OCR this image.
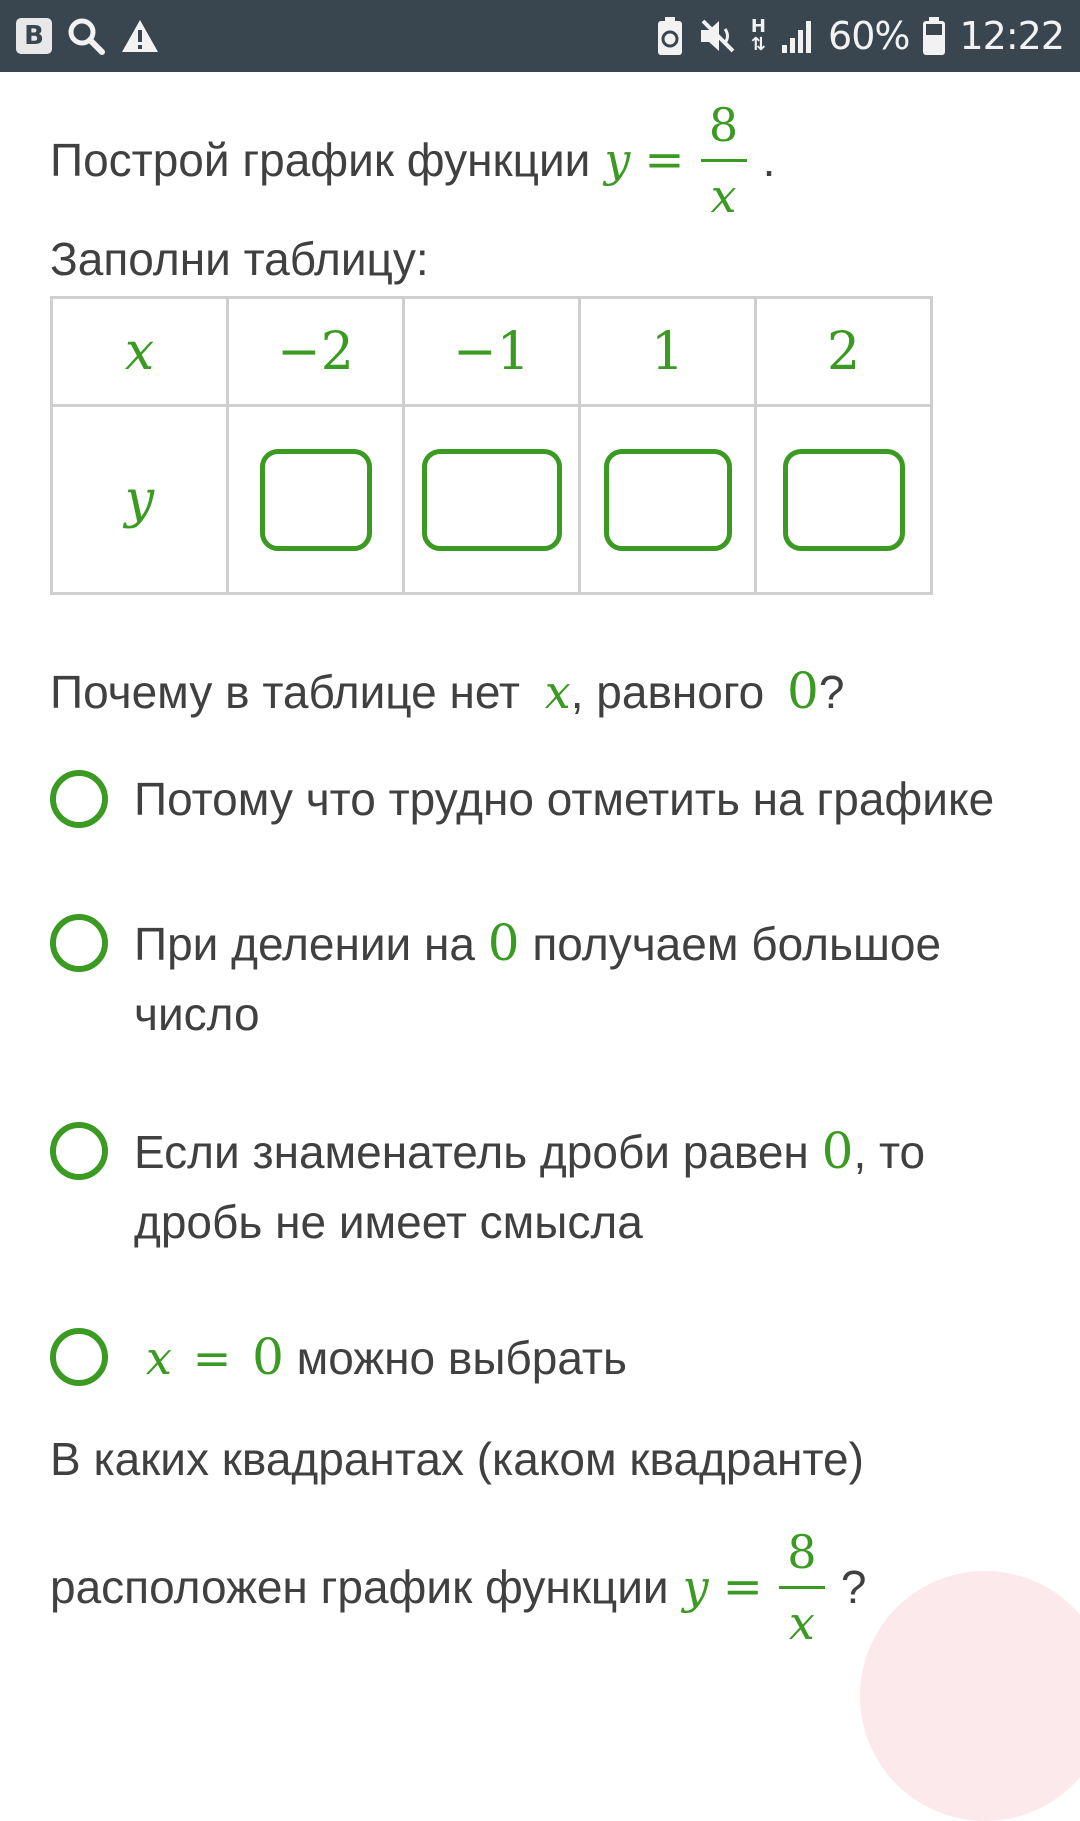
B	H
⇅ 60% 12:22
Построй график функции $y = \frac{8}{x}$ .
Заполни таблицу:
x	−2	−1	1	2
y				
Почему в таблице нет x, равного 0?
Потому что трудно отметить на графике
При делении на 0 получаем большое число
Если знаменатель дроби равен 0, то дробь не имеет смысла
x = 0 можно выбрать
В каких квадрантах (каком квадранте)
расположен график функции $y = \frac{8}{x}$ ?
